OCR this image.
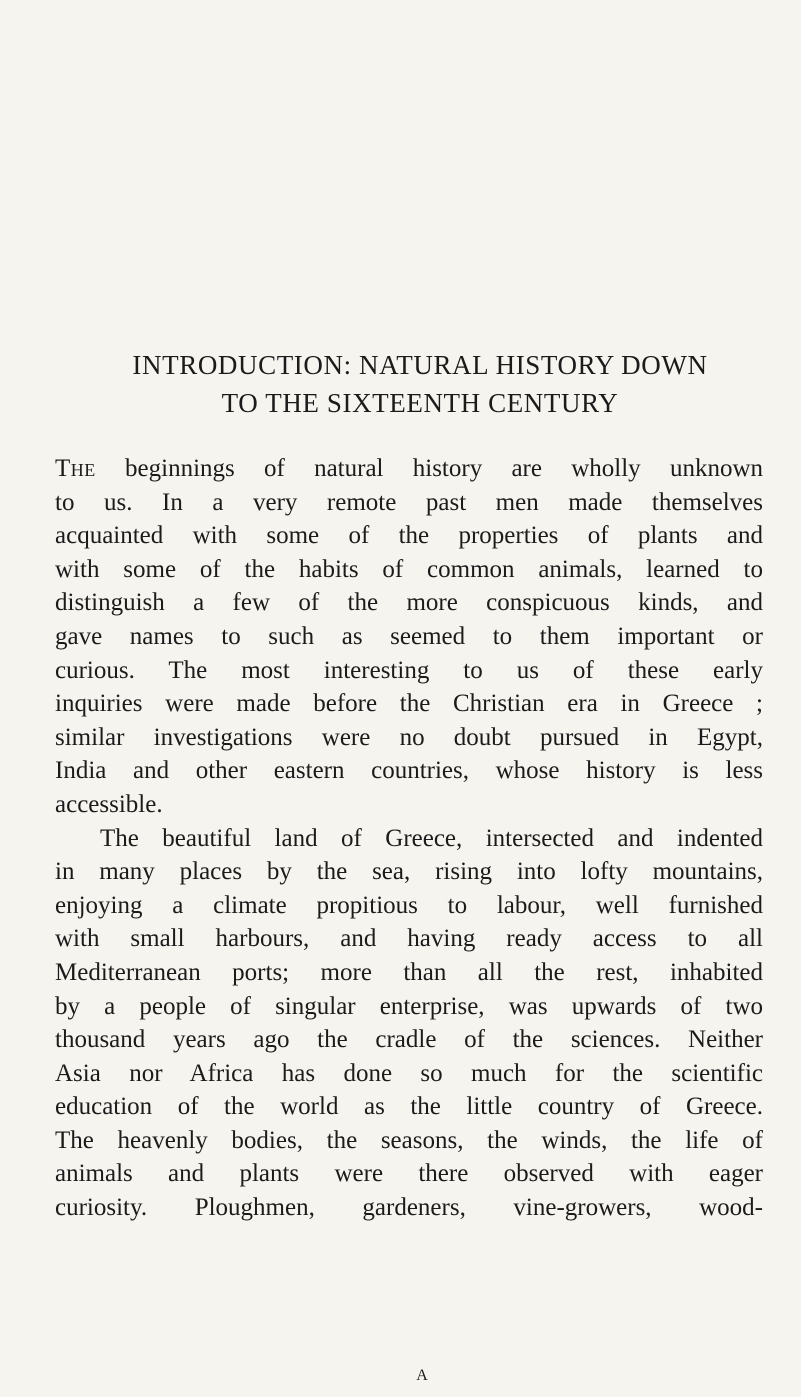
INTRODUCTION: NATURAL HISTORY DOWN
TO THE SIXTEENTH CENTURY
The beginnings of natural history are wholly unknown
to us. In a very remote past men made themselves
acquainted with some of the properties of plants and
with some of the habits of common animals, learned to
distinguish a few of the more conspicuous kinds, and
gave names to such as seemed to them important or
curious. The most interesting to us of these early
inquiries were made before the Christian era in Greece ;
similar investigations were no doubt pursued in Egypt,
India and other eastern countries, whose history is less
accessible.
The beautiful land of Greece, intersected and indented
in many places by the sea, rising into lofty mountains,
enjoying a climate propitious to labour, well furnished
with small harbours, and having ready access to all
Mediterranean ports; more than all the rest, inhabited
by a people of singular enterprise, was upwards of two
thousand years ago the cradle of the sciences. Neither
Asia nor Africa has done so much for the scientific
education of the world as the little country of Greece.
The heavenly bodies, the seasons, the winds, the life of
animals and plants were there observed with eager
curiosity. Ploughmen, gardeners, vine-growers, wood-
A
